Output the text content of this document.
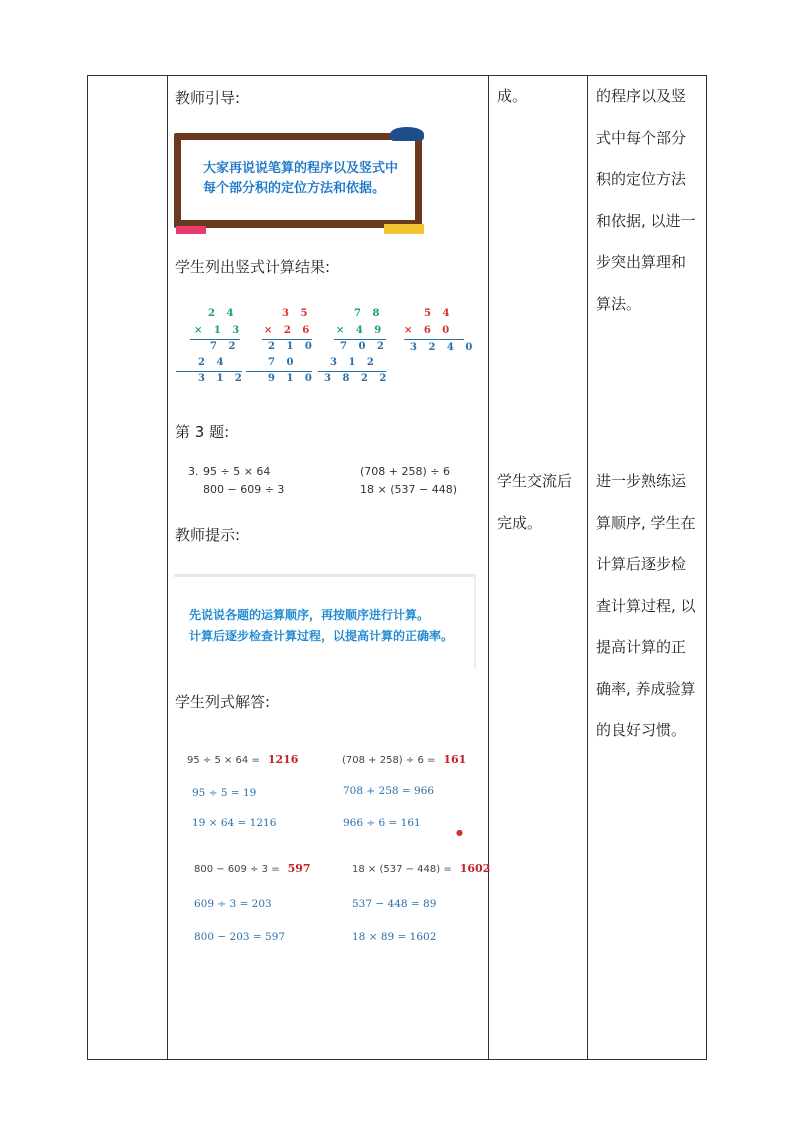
教师引导:
大家再说说笔算的程序以及竖式中
每个部分积的定位方法和依据。
学生列出竖式计算结果:
2 4
× 1 3
7 2
2 4
3 1 2
3 5
× 2 6
2 1 0
7 0
9 1 0
7 8
× 4 9
7 0 2
3 1 2
3 8 2 2
5 4
× 6 0
3 2 4 0
第 3 题:
3. 95 ÷ 5 × 64	(708 + 258) ÷ 6
800 − 609 ÷ 3	18 × (537 − 448)
教师提示:
先说说各题的运算顺序，再按顺序进行计算。
计算后逐步检查计算过程，以提高计算的正确率。
学生列式解答:
95 ÷ 5 × 64 = 1216
95 ÷ 5 = 19
19 × 64 = 1216
(708 + 258) ÷ 6 = 161
708 + 258 = 966
966 ÷ 6 = 161
●
800 − 609 ÷ 3 = 597
609 ÷ 3 = 203
800 − 203 = 597
18 × (537 − 448) = 1602
537 − 448 = 89
18 × 89 = 1602
成。
学生交流后
完成。
的程序以及竖
式中每个部分
积的定位方法
和依据, 以进一
步突出算理和
算法。
进一步熟练运
算顺序, 学生在
计算后逐步检
查计算过程, 以
提高计算的正
确率, 养成验算
的良好习惯。
